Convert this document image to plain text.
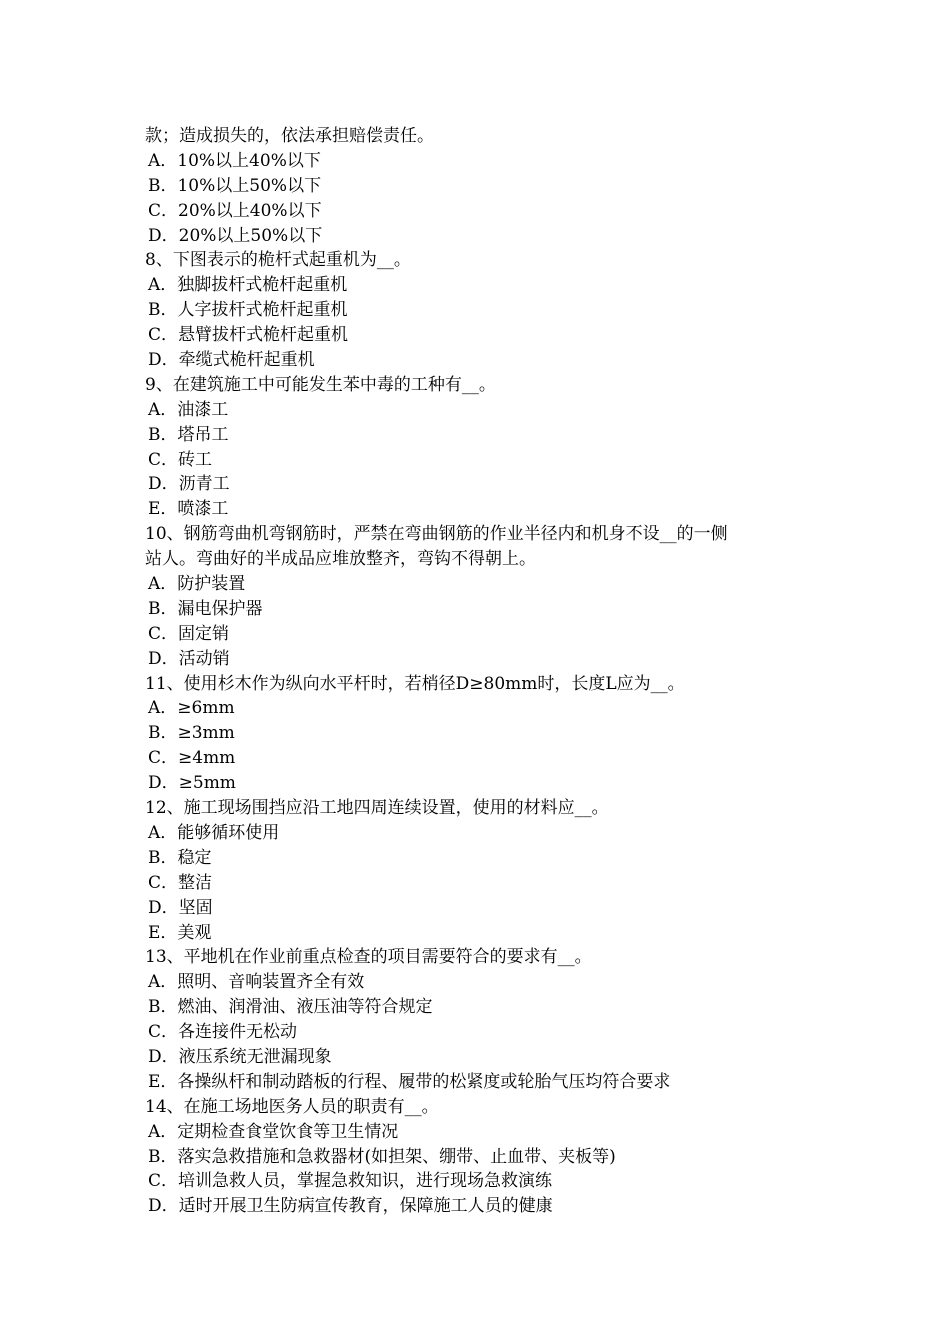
款；造成损失的，依法承担赔偿责任。
A．10%以上40%以下
B．10%以上50%以下
C．20%以上40%以下
D．20%以上50%以下
8、下图表示的桅杆式起重机为__。
A．独脚拔杆式桅杆起重机
B．人字拔杆式桅杆起重机
C．悬臂拔杆式桅杆起重机
D．牵缆式桅杆起重机
9、在建筑施工中可能发生苯中毒的工种有__。
A．油漆工
B．塔吊工
C．砖工
D．沥青工
E．喷漆工
10、钢筋弯曲机弯钢筋时，严禁在弯曲钢筋的作业半径内和机身不设__的一侧
站人。弯曲好的半成品应堆放整齐，弯钩不得朝上。
A．防护装置
B．漏电保护器
C．固定销
D．活动销
11、使用杉木作为纵向水平杆时，若梢径D≥80mm时，长度L应为__。
A．≥6mm
B．≥3mm
C．≥4mm
D．≥5mm
12、施工现场围挡应沿工地四周连续设置，使用的材料应__。
A．能够循环使用
B．稳定
C．整洁
D．坚固
E．美观
13、平地机在作业前重点检查的项目需要符合的要求有__。
A．照明、音响装置齐全有效
B．燃油、润滑油、液压油等符合规定
C．各连接件无松动
D．液压系统无泄漏现象
E．各操纵杆和制动踏板的行程、履带的松紧度或轮胎气压均符合要求
14、在施工场地医务人员的职责有__。
A．定期检查食堂饮食等卫生情况
B．落实急救措施和急救器材(如担架、绷带、止血带、夹板等)
C．培训急救人员，掌握急救知识，进行现场急救演练
D．适时开展卫生防病宣传教育，保障施工人员的健康
